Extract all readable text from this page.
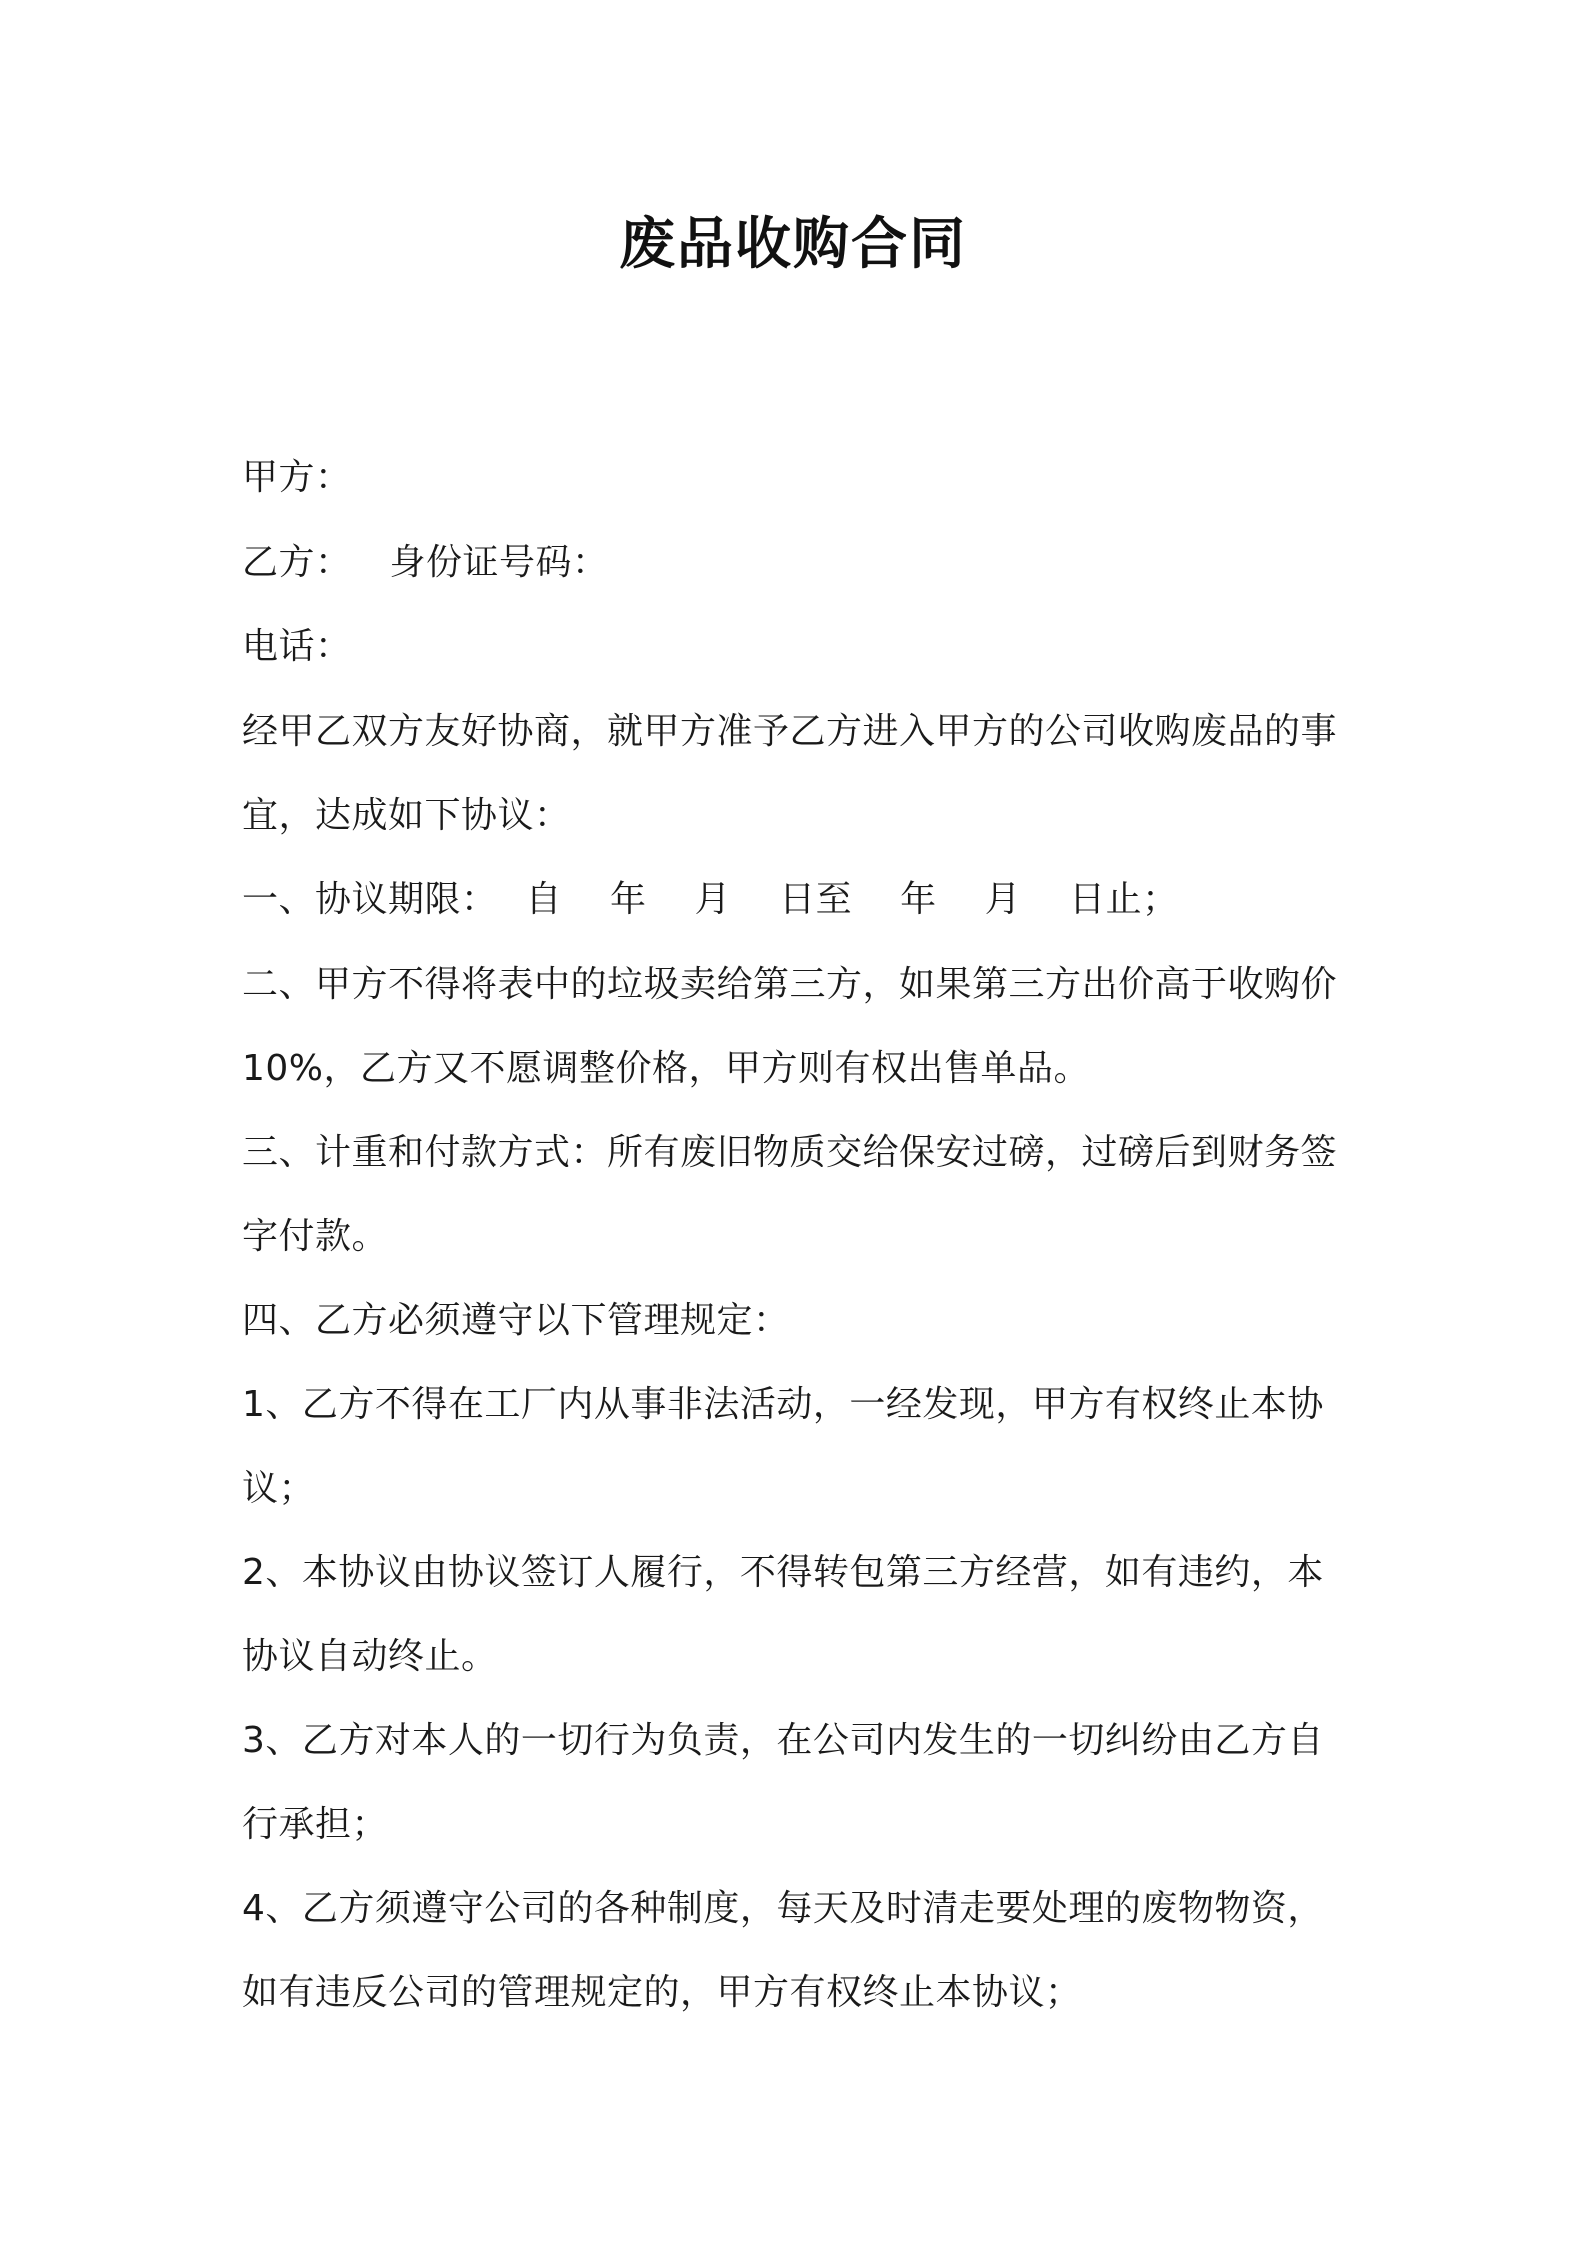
废品收购合同
甲方：
乙方： 身份证号码：
电话：
经甲乙双方友好协商，就甲方准予乙方进入甲方的公司收购废品的事
宜，达成如下协议：
一、协议期限： 自 年 月 日至 年 月 日止；
二、甲方不得将表中的垃圾卖给第三方，如果第三方出价高于收购价
10%，乙方又不愿调整价格，甲方则有权出售单品。
三、计重和付款方式：所有废旧物质交给保安过磅，过磅后到财务签
字付款。
四、乙方必须遵守以下管理规定：
1、乙方不得在工厂内从事非法活动，一经发现，甲方有权终止本协
议；
2、本协议由协议签订人履行，不得转包第三方经营，如有违约，本
协议自动终止。
3、乙方对本人的一切行为负责，在公司内发生的一切纠纷由乙方自
行承担；
4、乙方须遵守公司的各种制度，每天及时清走要处理的废物物资，
如有违反公司的管理规定的，甲方有权终止本协议；
